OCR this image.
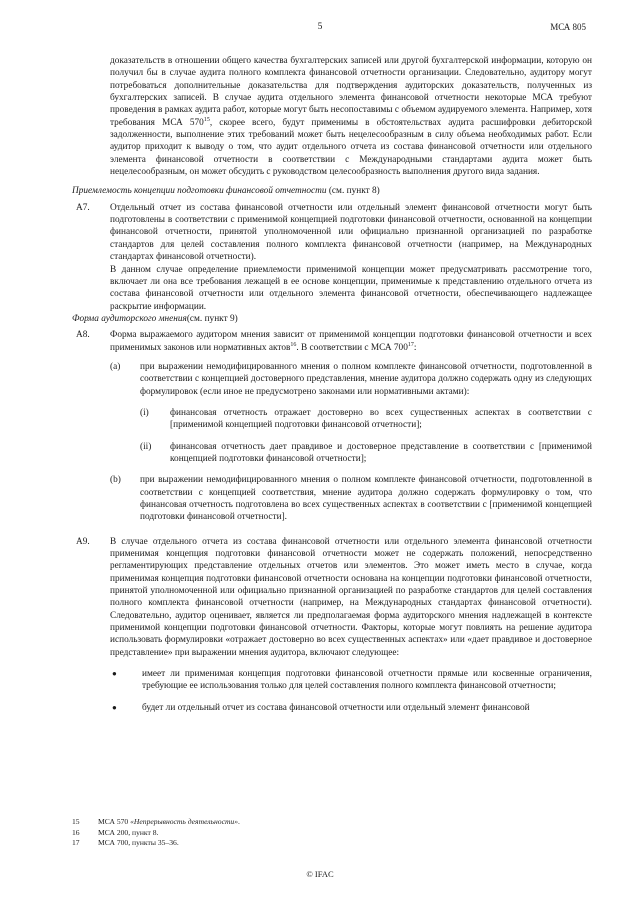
5	МСА 805

доказательств в отношении общего качества бухгалтерских записей или другой бухгалтерской информации, которую он получил бы в случае аудита полного комплекта финансовой отчетности организации. Следовательно, аудитору могут потребоваться дополнительные доказательства для подтверждения аудиторских доказательств, полученных из бухгалтерских записей. В случае аудита отдельного элемента финансовой отчетности некоторые МСА требуют проведения в рамках аудита работ, которые могут быть несопоставимы с объемом аудируемого элемента. Например, хотя требования МСА $570^{15}$, скорее всего, будут применимы в обстоятельствах аудита расшифровки дебиторской задолженности, выполнение этих требований может быть нецелесообразным в силу объема необходимых работ. Если аудитор приходит к выводу о том, что аудит отдельного отчета из состава финансовой отчетности или отдельного элемента финансовой отчетности в соответствии с Международными стандартами аудита может быть нецелесообразным, он может обсудить с руководством целесообразность выполнения другого вида задания.

Приемлемость концепции подготовки финансовой отчетности (см. пункт 8)
A7.	Отдельный отчет из состава финансовой отчетности или отдельный элемент финансовой отчетности могут быть подготовлены в соответствии с применимой концепцией подготовки финансовой отчетности, основанной на концепции финансовой отчетности, принятой уполномоченной или официально признанной организацией по разработке стандартов для целей составления полного комплекта финансовой отчетности (например, на Международных стандартах финансовой отчетности).

В данном случае определение приемлемости применимой концепции может предусматривать рассмотрение того, включает ли она все требования лежащей в ее основе концепции, применимые к представлению отдельного отчета из состава финансовой отчетности или отдельного элемента финансовой отчетности, обеспечивающего надлежащее раскрытие информации.

Форма аудиторского мнения(см. пункт 9)
A8.	Форма выражаемого аудитором мнения зависит от применимой концепции подготовки финансовой отчетности и всех применимых законов или нормативных актов$^{16}$. В соответствии с МСА $700^{17}$:

(a)	при выражении немодифицированного мнения о полном комплекте финансовой отчетности, подготовленной в соответствии с концепцией достоверного представления, мнение аудитора должно содержать одну из следующих формулировок (если иное не предусмотрено законами или нормативными актами):

(i)	финансовая отчетность отражает достоверно во всех существенных аспектах в соответствии с [применимой концепцией подготовки финансовой отчетности];
(ii)	финансовая отчетность дает правдивое и достоверное представление в соответствии с [применимой концепцией подготовки финансовой отчетности];
(b)	при выражении немодифицированного мнения о полном комплекте финансовой отчетности, подготовленной в соответствии с концепцией соответствия, мнение аудитора должно содержать формулировку о том, что финансовая отчетность подготовлена во всех существенных аспектах в соответствии с [применимой концепцией подготовки финансовой отчетности].
A9.	В случае отдельного отчета из состава финансовой отчетности или отдельного элемента финансовой отчетности применимая концепция подготовки финансовой отчетности может не содержать положений, непосредственно регламентирующих представление отдельных отчетов или элементов. Это может иметь место в случае, когда применимая концепция подготовки финансовой отчетности основана на концепции подготовки финансовой отчетности, принятой уполномоченной или официально признанной организацией по разработке стандартов для целей составления полного комплекта финансовой отчетности (например, на Международных стандартах финансовой отчетности). Следовательно, аудитор оценивает, является ли предполагаемая форма аудиторского мнения надлежащей в контексте применимой концепции подготовки финансовой отчетности. Факторы, которые могут повлиять на решение аудитора использовать формулировки «отражает достоверно во всех существенных аспектах» или «дает правдивое и достоверное представление» при выражении мнения аудитора, включают следующее:

●	имеет ли применимая концепция подготовки финансовой отчетности прямые или косвенные ограничения, требующие ее использования только для целей составления полного комплекта финансовой отчетности;
●	будет ли отдельный отчет из состава финансовой отчетности или отдельный элемент финансовой
15	МСА 570 «Непрерывность деятельности».
16	МСА 200, пункт 8.
17	МСА 700, пункты 35–36.
© IFAC
